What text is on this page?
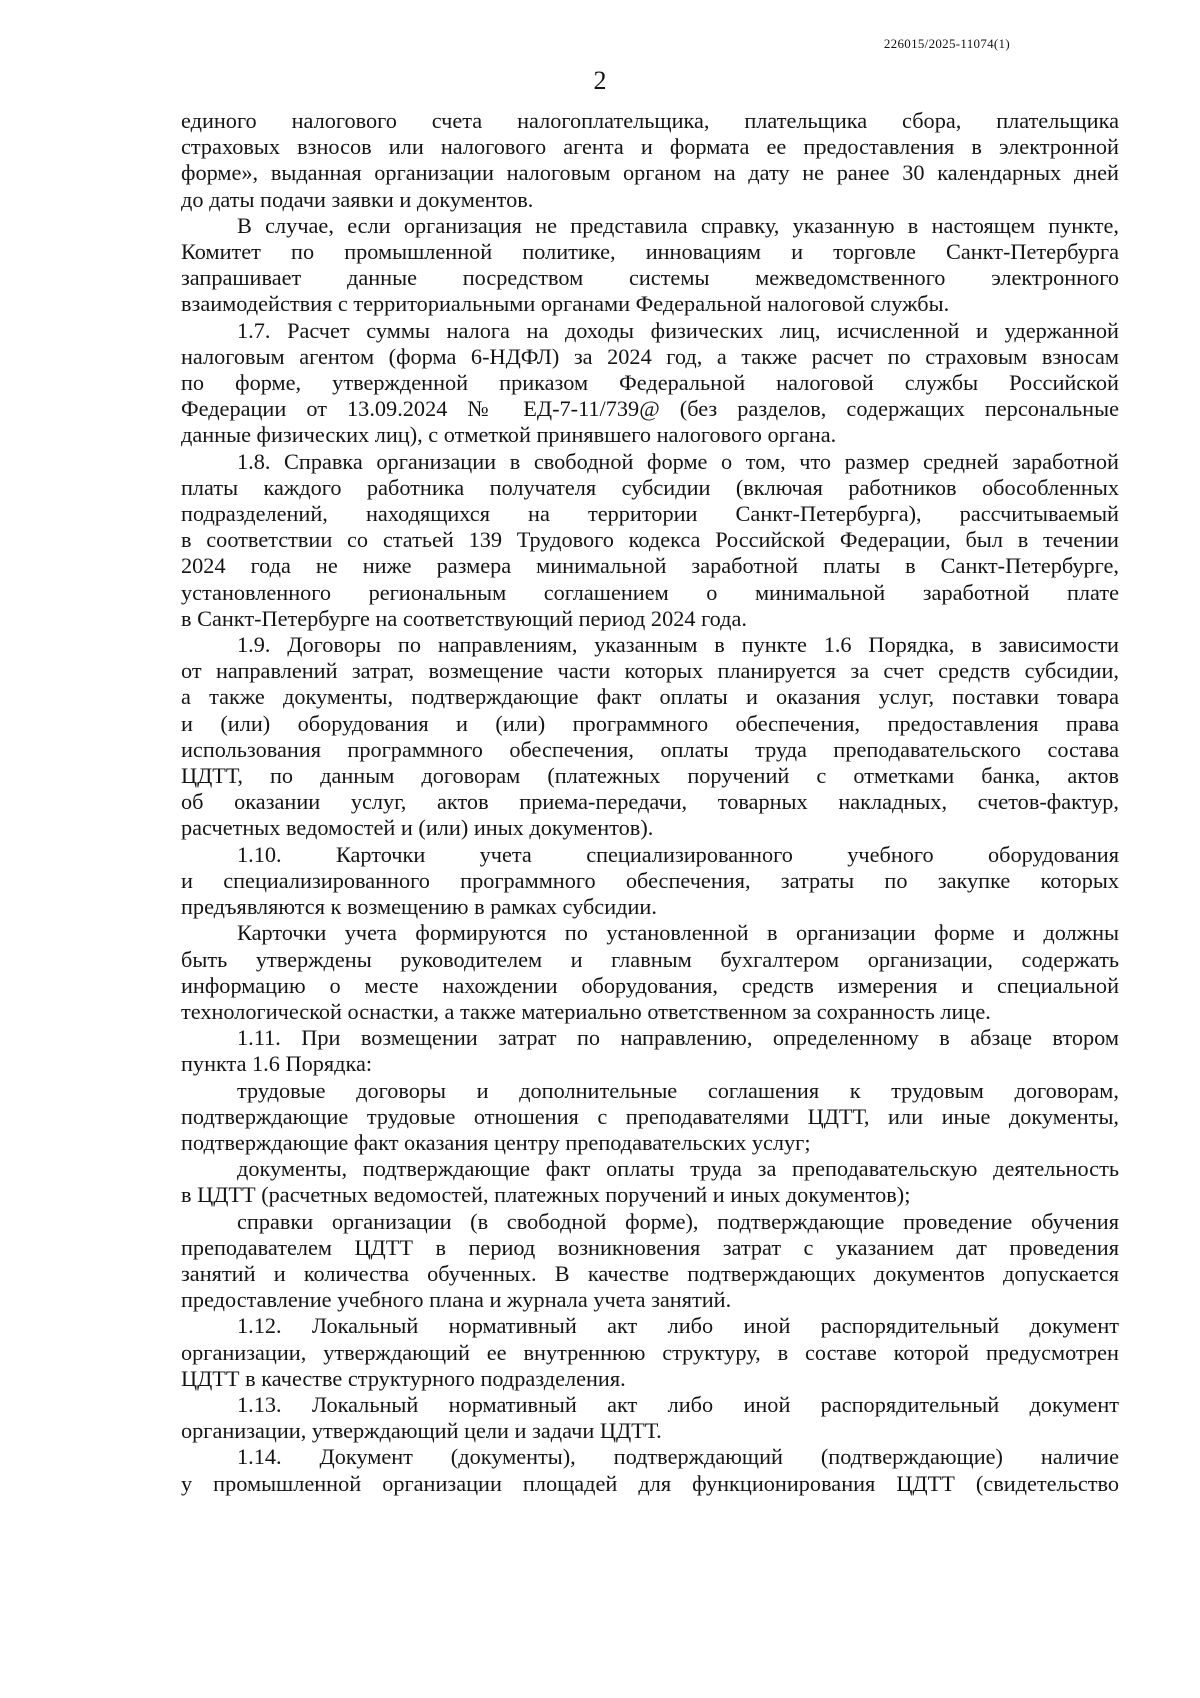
226015/2025-11074(1)
2

единого налогового счета налогоплательщика, плательщика сбора, плательщика

страховых взносов или налогового агента и формата ее предоставления в электронной

форме», выданная организации налоговым органом на дату не ранее 30 календарных дней

до даты подачи заявки и документов.

В случае, если организация не представила справку, указанную в настоящем пункте,

Комитет по промышленной политике, инновациям и торговле Санкт-Петербурга

запрашивает данные посредством системы межведомственного электронного

взаимодействия с территориальными органами Федеральной налоговой службы.

1.7. Расчет суммы налога на доходы физических лиц, исчисленной и удержанной

налоговым агентом (форма 6-НДФЛ) за 2024 год, а также расчет по страховым взносам

по форме, утвержденной приказом Федеральной налоговой службы Российской

Федерации от 13.09.2024 № ЕД-7-11/739@ (без разделов, содержащих персональные

данные физических лиц), с отметкой принявшего налогового органа.

1.8. Справка организации в свободной форме о том, что размер средней заработной

платы каждого работника получателя субсидии (включая работников обособленных

подразделений, находящихся на территории Санкт-Петербурга), рассчитываемый

в соответствии со статьей 139 Трудового кодекса Российской Федерации, был в течении

2024 года не ниже размера минимальной заработной платы в Санкт-Петербурге,

установленного региональным соглашением о минимальной заработной плате

в Санкт-Петербурге на соответствующий период 2024 года.

1.9. Договоры по направлениям, указанным в пункте 1.6 Порядка, в зависимости

от направлений затрат, возмещение части которых планируется за счет средств субсидии,

а также документы, подтверждающие факт оплаты и оказания услуг, поставки товара

и (или) оборудования и (или) программного обеспечения, предоставления права

использования программного обеспечения, оплаты труда преподавательского состава

ЦДТТ, по данным договорам (платежных поручений с отметками банка, актов

об оказании услуг, актов приема-передачи, товарных накладных, счетов-фактур,

расчетных ведомостей и (или) иных документов).

1.10. Карточки учета специализированного учебного оборудования

и специализированного программного обеспечения, затраты по закупке которых

предъявляются к возмещению в рамках субсидии.

Карточки учета формируются по установленной в организации форме и должны

быть утверждены руководителем и главным бухгалтером организации, содержать

информацию о месте нахождении оборудования, средств измерения и специальной

технологической оснастки, а также материально ответственном за сохранность лице.

1.11. При возмещении затрат по направлению, определенному в абзаце втором

пункта 1.6 Порядка:

трудовые договоры и дополнительные соглашения к трудовым договорам,

подтверждающие трудовые отношения с преподавателями ЦДТТ, или иные документы,

подтверждающие факт оказания центру преподавательских услуг;

документы, подтверждающие факт оплаты труда за преподавательскую деятельность

в ЦДТТ (расчетных ведомостей, платежных поручений и иных документов);

справки организации (в свободной форме), подтверждающие проведение обучения

преподавателем ЦДТТ в период возникновения затрат с указанием дат проведения

занятий и количества обученных. В качестве подтверждающих документов допускается

предоставление учебного плана и журнала учета занятий.

1.12. Локальный нормативный акт либо иной распорядительный документ

организации, утверждающий ее внутреннюю структуру, в составе которой предусмотрен

ЦДТТ в качестве структурного подразделения.

1.13. Локальный нормативный акт либо иной распорядительный документ

организации, утверждающий цели и задачи ЦДТТ.

1.14. Документ (документы), подтверждающий (подтверждающие) наличие

у промышленной организации площадей для функционирования ЦДТТ (свидетельство
